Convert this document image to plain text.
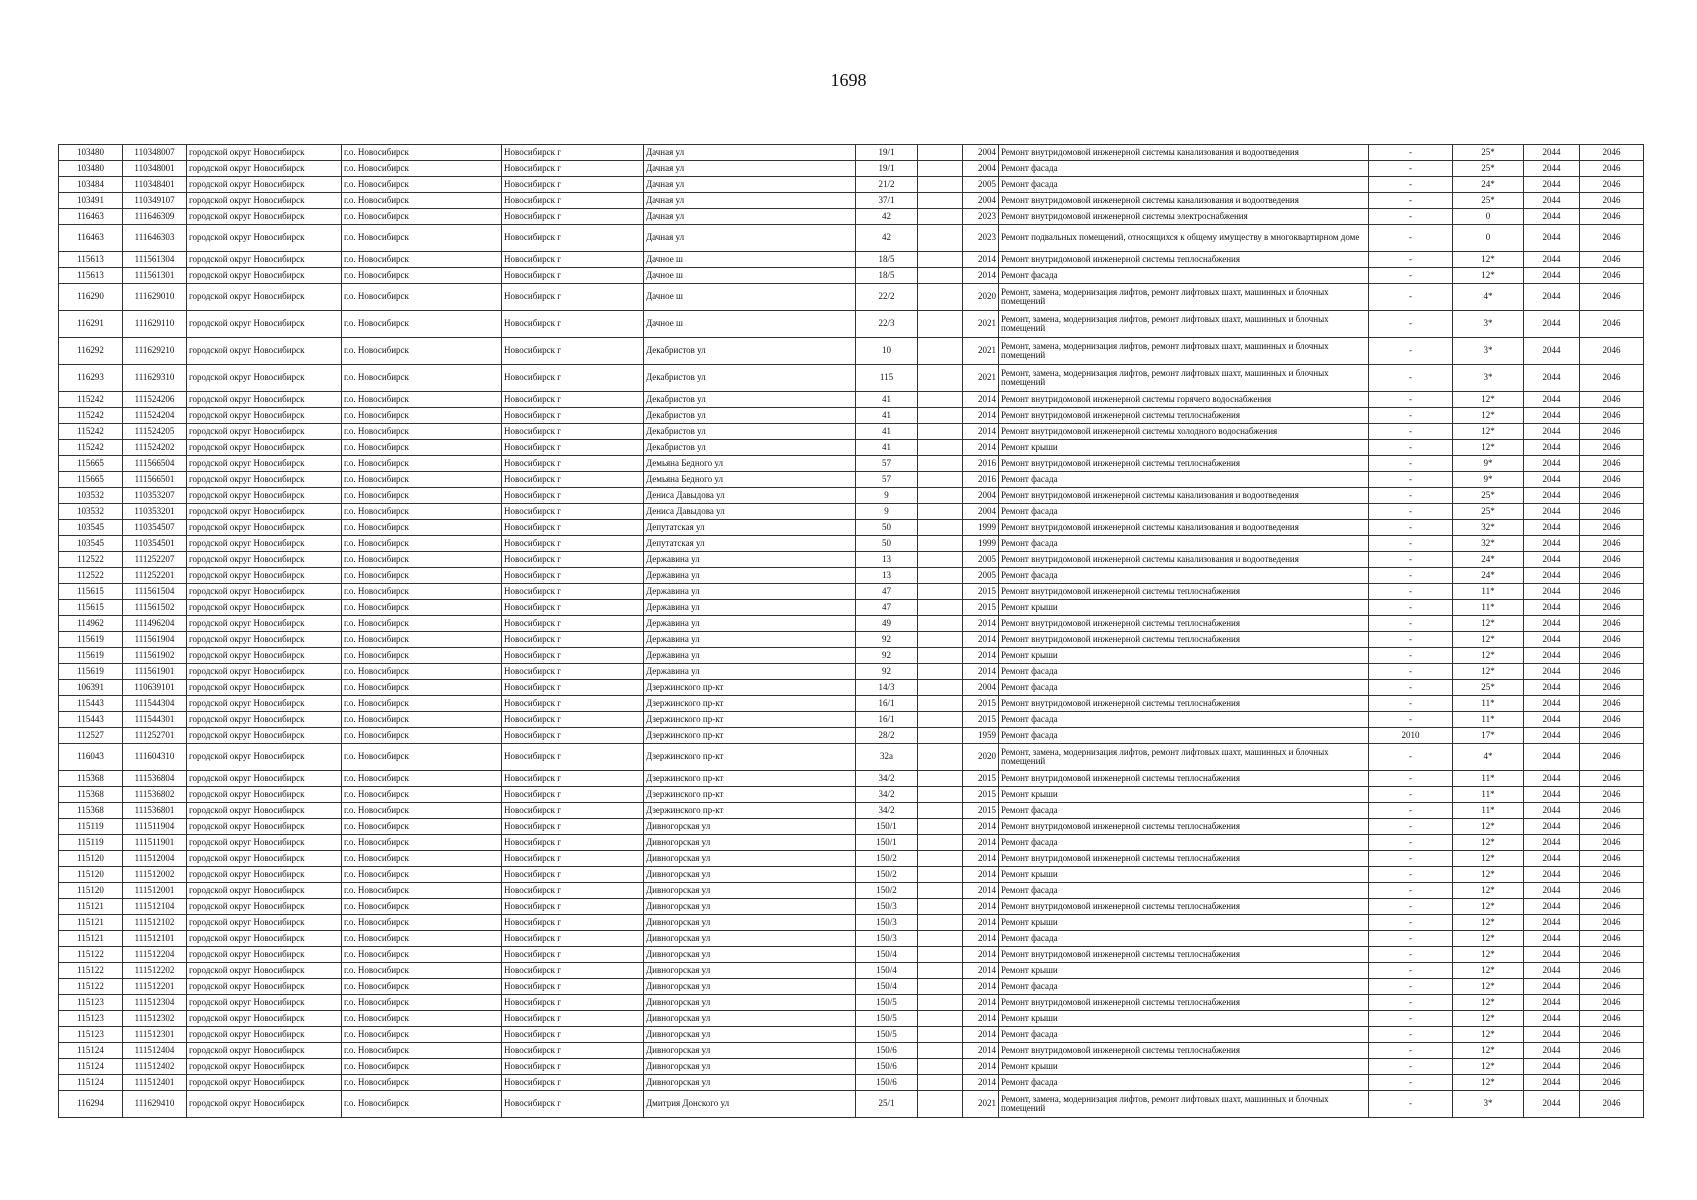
1698
103480	110348007	городской округ Новосибирск	г.о. Новосибирск	Новосибирск г	Дачная ул	19/1		2004	Ремонт внутридомовой инженерной системы канализования и водоотведения	-	25*	2044	2046
103480	110348001	городской округ Новосибирск	г.о. Новосибирск	Новосибирск г	Дачная ул	19/1		2004	Ремонт фасада	-	25*	2044	2046
103484	110348401	городской округ Новосибирск	г.о. Новосибирск	Новосибирск г	Дачная ул	21/2		2005	Ремонт фасада	-	24*	2044	2046
103491	110349107	городской округ Новосибирск	г.о. Новосибирск	Новосибирск г	Дачная ул	37/1		2004	Ремонт внутридомовой инженерной системы канализования и водоотведения	-	25*	2044	2046
116463	111646309	городской округ Новосибирск	г.о. Новосибирск	Новосибирск г	Дачная ул	42		2023	Ремонт внутридомовой инженерной системы электроснабжения	-	0	2044	2046
116463	111646303	городской округ Новосибирск	г.о. Новосибирск	Новосибирск г	Дачная ул	42		2023	Ремонт подвальных помещений, относящихся к общему имуществу в многоквартирном доме	-	0	2044	2046
115613	111561304	городской округ Новосибирск	г.о. Новосибирск	Новосибирск г	Дачное ш	18/5		2014	Ремонт внутридомовой инженерной системы теплоснабжения	-	12*	2044	2046
115613	111561301	городской округ Новосибирск	г.о. Новосибирск	Новосибирск г	Дачное ш	18/5		2014	Ремонт фасада	-	12*	2044	2046
116290	111629010	городской округ Новосибирск	г.о. Новосибирск	Новосибирск г	Дачное ш	22/2		2020	Ремонт, замена, модернизация лифтов, ремонт лифтовых шахт, машинных и блочных помещений	-	4*	2044	2046
116291	111629110	городской округ Новосибирск	г.о. Новосибирск	Новосибирск г	Дачное ш	22/3		2021	Ремонт, замена, модернизация лифтов, ремонт лифтовых шахт, машинных и блочных помещений	-	3*	2044	2046
116292	111629210	городской округ Новосибирск	г.о. Новосибирск	Новосибирск г	Декабристов ул	10		2021	Ремонт, замена, модернизация лифтов, ремонт лифтовых шахт, машинных и блочных помещений	-	3*	2044	2046
116293	111629310	городской округ Новосибирск	г.о. Новосибирск	Новосибирск г	Декабристов ул	115		2021	Ремонт, замена, модернизация лифтов, ремонт лифтовых шахт, машинных и блочных помещений	-	3*	2044	2046
115242	111524206	городской округ Новосибирск	г.о. Новосибирск	Новосибирск г	Декабристов ул	41		2014	Ремонт внутридомовой инженерной системы горячего водоснабжения	-	12*	2044	2046
115242	111524204	городской округ Новосибирск	г.о. Новосибирск	Новосибирск г	Декабристов ул	41		2014	Ремонт внутридомовой инженерной системы теплоснабжения	-	12*	2044	2046
115242	111524205	городской округ Новосибирск	г.о. Новосибирск	Новосибирск г	Декабристов ул	41		2014	Ремонт внутридомовой инженерной системы холодного водоснабжения	-	12*	2044	2046
115242	111524202	городской округ Новосибирск	г.о. Новосибирск	Новосибирск г	Декабристов ул	41		2014	Ремонт крыши	-	12*	2044	2046
115665	111566504	городской округ Новосибирск	г.о. Новосибирск	Новосибирск г	Демьяна Бедного ул	57		2016	Ремонт внутридомовой инженерной системы теплоснабжения	-	9*	2044	2046
115665	111566501	городской округ Новосибирск	г.о. Новосибирск	Новосибирск г	Демьяна Бедного ул	57		2016	Ремонт фасада	-	9*	2044	2046
103532	110353207	городской округ Новосибирск	г.о. Новосибирск	Новосибирск г	Дениса Давыдова ул	9		2004	Ремонт внутридомовой инженерной системы канализования и водоотведения	-	25*	2044	2046
103532	110353201	городской округ Новосибирск	г.о. Новосибирск	Новосибирск г	Дениса Давыдова ул	9		2004	Ремонт фасада	-	25*	2044	2046
103545	110354507	городской округ Новосибирск	г.о. Новосибирск	Новосибирск г	Депутатская ул	50		1999	Ремонт внутридомовой инженерной системы канализования и водоотведения	-	32*	2044	2046
103545	110354501	городской округ Новосибирск	г.о. Новосибирск	Новосибирск г	Депутатская ул	50		1999	Ремонт фасада	-	32*	2044	2046
112522	111252207	городской округ Новосибирск	г.о. Новосибирск	Новосибирск г	Державина ул	13		2005	Ремонт внутридомовой инженерной системы канализования и водоотведения	-	24*	2044	2046
112522	111252201	городской округ Новосибирск	г.о. Новосибирск	Новосибирск г	Державина ул	13		2005	Ремонт фасада	-	24*	2044	2046
115615	111561504	городской округ Новосибирск	г.о. Новосибирск	Новосибирск г	Державина ул	47		2015	Ремонт внутридомовой инженерной системы теплоснабжения	-	11*	2044	2046
115615	111561502	городской округ Новосибирск	г.о. Новосибирск	Новосибирск г	Державина ул	47		2015	Ремонт крыши	-	11*	2044	2046
114962	111496204	городской округ Новосибирск	г.о. Новосибирск	Новосибирск г	Державина ул	49		2014	Ремонт внутридомовой инженерной системы теплоснабжения	-	12*	2044	2046
115619	111561904	городской округ Новосибирск	г.о. Новосибирск	Новосибирск г	Державина ул	92		2014	Ремонт внутридомовой инженерной системы теплоснабжения	-	12*	2044	2046
115619	111561902	городской округ Новосибирск	г.о. Новосибирск	Новосибирск г	Державина ул	92		2014	Ремонт крыши	-	12*	2044	2046
115619	111561901	городской округ Новосибирск	г.о. Новосибирск	Новосибирск г	Державина ул	92		2014	Ремонт фасада	-	12*	2044	2046
106391	110639101	городской округ Новосибирск	г.о. Новосибирск	Новосибирск г	Дзержинского пр-кт	14/3		2004	Ремонт фасада	-	25*	2044	2046
115443	111544304	городской округ Новосибирск	г.о. Новосибирск	Новосибирск г	Дзержинского пр-кт	16/1		2015	Ремонт внутридомовой инженерной системы теплоснабжения	-	11*	2044	2046
115443	111544301	городской округ Новосибирск	г.о. Новосибирск	Новосибирск г	Дзержинского пр-кт	16/1		2015	Ремонт фасада	-	11*	2044	2046
112527	111252701	городской округ Новосибирск	г.о. Новосибирск	Новосибирск г	Дзержинского пр-кт	28/2		1959	Ремонт фасада	2010	17*	2044	2046
116043	111604310	городской округ Новосибирск	г.о. Новосибирск	Новосибирск г	Дзержинского пр-кт	32а		2020	Ремонт, замена, модернизация лифтов, ремонт лифтовых шахт, машинных и блочных помещений	-	4*	2044	2046
115368	111536804	городской округ Новосибирск	г.о. Новосибирск	Новосибирск г	Дзержинского пр-кт	34/2		2015	Ремонт внутридомовой инженерной системы теплоснабжения	-	11*	2044	2046
115368	111536802	городской округ Новосибирск	г.о. Новосибирск	Новосибирск г	Дзержинского пр-кт	34/2		2015	Ремонт крыши	-	11*	2044	2046
115368	111536801	городской округ Новосибирск	г.о. Новосибирск	Новосибирск г	Дзержинского пр-кт	34/2		2015	Ремонт фасада	-	11*	2044	2046
115119	111511904	городской округ Новосибирск	г.о. Новосибирск	Новосибирск г	Дивногорская ул	150/1		2014	Ремонт внутридомовой инженерной системы теплоснабжения	-	12*	2044	2046
115119	111511901	городской округ Новосибирск	г.о. Новосибирск	Новосибирск г	Дивногорская ул	150/1		2014	Ремонт фасада	-	12*	2044	2046
115120	111512004	городской округ Новосибирск	г.о. Новосибирск	Новосибирск г	Дивногорская ул	150/2		2014	Ремонт внутридомовой инженерной системы теплоснабжения	-	12*	2044	2046
115120	111512002	городской округ Новосибирск	г.о. Новосибирск	Новосибирск г	Дивногорская ул	150/2		2014	Ремонт крыши	-	12*	2044	2046
115120	111512001	городской округ Новосибирск	г.о. Новосибирск	Новосибирск г	Дивногорская ул	150/2		2014	Ремонт фасада	-	12*	2044	2046
115121	111512104	городской округ Новосибирск	г.о. Новосибирск	Новосибирск г	Дивногорская ул	150/3		2014	Ремонт внутридомовой инженерной системы теплоснабжения	-	12*	2044	2046
115121	111512102	городской округ Новосибирск	г.о. Новосибирск	Новосибирск г	Дивногорская ул	150/3		2014	Ремонт крыши	-	12*	2044	2046
115121	111512101	городской округ Новосибирск	г.о. Новосибирск	Новосибирск г	Дивногорская ул	150/3		2014	Ремонт фасада	-	12*	2044	2046
115122	111512204	городской округ Новосибирск	г.о. Новосибирск	Новосибирск г	Дивногорская ул	150/4		2014	Ремонт внутридомовой инженерной системы теплоснабжения	-	12*	2044	2046
115122	111512202	городской округ Новосибирск	г.о. Новосибирск	Новосибирск г	Дивногорская ул	150/4		2014	Ремонт крыши	-	12*	2044	2046
115122	111512201	городской округ Новосибирск	г.о. Новосибирск	Новосибирск г	Дивногорская ул	150/4		2014	Ремонт фасада	-	12*	2044	2046
115123	111512304	городской округ Новосибирск	г.о. Новосибирск	Новосибирск г	Дивногорская ул	150/5		2014	Ремонт внутридомовой инженерной системы теплоснабжения	-	12*	2044	2046
115123	111512302	городской округ Новосибирск	г.о. Новосибирск	Новосибирск г	Дивногорская ул	150/5		2014	Ремонт крыши	-	12*	2044	2046
115123	111512301	городской округ Новосибирск	г.о. Новосибирск	Новосибирск г	Дивногорская ул	150/5		2014	Ремонт фасада	-	12*	2044	2046
115124	111512404	городской округ Новосибирск	г.о. Новосибирск	Новосибирск г	Дивногорская ул	150/6		2014	Ремонт внутридомовой инженерной системы теплоснабжения	-	12*	2044	2046
115124	111512402	городской округ Новосибирск	г.о. Новосибирск	Новосибирск г	Дивногорская ул	150/6		2014	Ремонт крыши	-	12*	2044	2046
115124	111512401	городской округ Новосибирск	г.о. Новосибирск	Новосибирск г	Дивногорская ул	150/6		2014	Ремонт фасада	-	12*	2044	2046
116294	111629410	городской округ Новосибирск	г.о. Новосибирск	Новосибирск г	Дмитрия Донского ул	25/1		2021	Ремонт, замена, модернизация лифтов, ремонт лифтовых шахт, машинных и блочных помещений	-	3*	2044	2046
